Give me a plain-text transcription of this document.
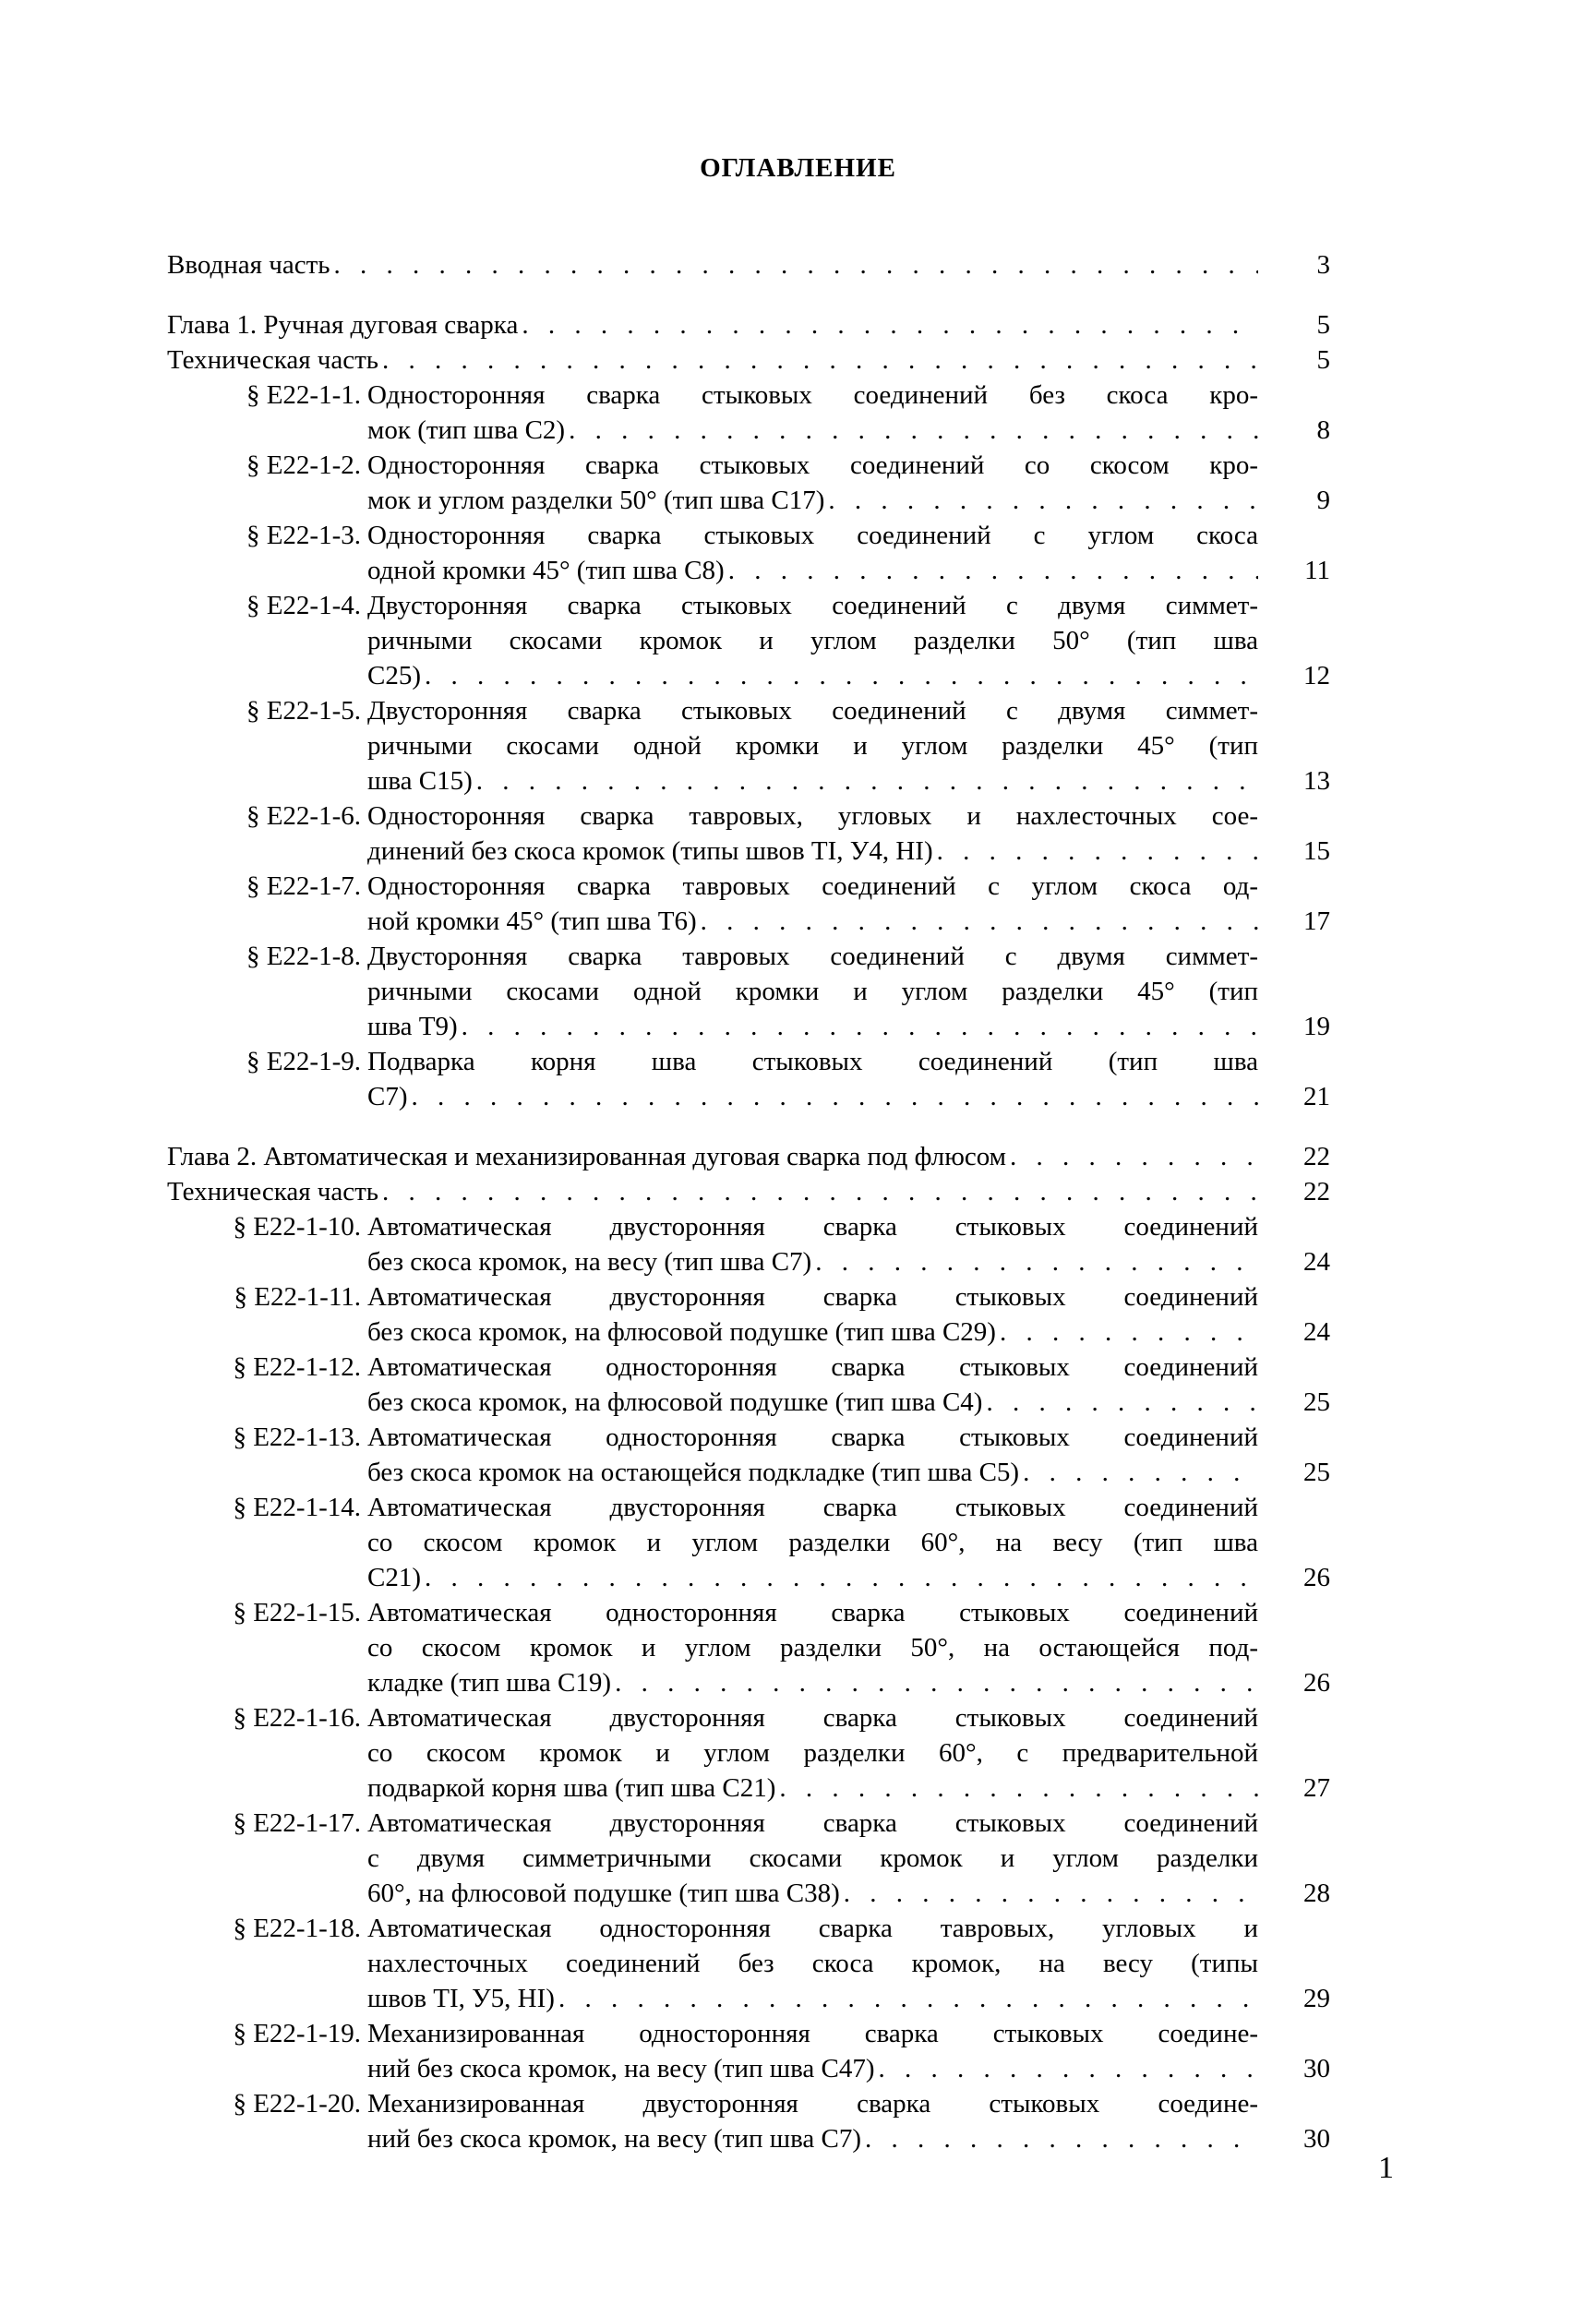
ОГЛАВЛЕНИЕ
Вводная часть . . .	3
Глава 1. Ручная дуговая сварка . . .	5
Техническая часть . . .	5
§ Е22-1-1. Односторонняя сварка стыковых соединений без скоса кро-
мок (тип шва С2) . . .	8
§ Е22-1-2. Односторонняя сварка стыковых соединений со скосом кро-
мок и углом разделки 50° (тип шва С17) . . .	9
§ Е22-1-3. Односторонняя сварка стыковых соединений с углом скоса
одной кромки 45° (тип шва С8) . . .	11
§ Е22-1-4. Двусторонняя сварка стыковых соединений с двумя симмет-
ричными скосами кромок и углом разделки 50° (тип шва
С25) . . .	12
§ Е22-1-5. Двусторонняя сварка стыковых соединений с двумя симмет-
ричными скосами одной кромки и углом разделки 45° (тип
шва С15) . . .	13
§ Е22-1-6. Односторонняя сварка тавровых, угловых и нахлесточных сое-
динений без скоса кромок (типы швов ТI, У4, НI) . . .	15
§ Е22-1-7. Односторонняя сварка тавровых соединений с углом скоса од-
ной кромки 45° (тип шва Т6) . . .	17
§ Е22-1-8. Двусторонняя сварка тавровых соединений с двумя симмет-
ричными скосами одной кромки и углом разделки 45° (тип
шва Т9) . . .	19
§ Е22-1-9. Подварка корня шва стыковых соединений (тип шва
С7) . . .	21
Глава 2. Автоматическая и механизированная дуговая сварка под флюсом . . .	22
Техническая часть . . .	22
§ Е22-1-10. Автоматическая двусторонняя сварка стыковых соединений
без скоса кромок, на весу (тип шва С7) . . .	24
§ Е22-1-11. Автоматическая двусторонняя сварка стыковых соединений
без скоса кромок, на флюсовой подушке (тип шва С29) . . .	24
§ Е22-1-12. Автоматическая односторонняя сварка стыковых соединений
без скоса кромок, на флюсовой подушке (тип шва С4) . . .	25
§ Е22-1-13. Автоматическая односторонняя сварка стыковых соединений
без скоса кромок на остающейся подкладке (тип шва С5) . . .	25
§ Е22-1-14. Автоматическая двусторонняя сварка стыковых соединений
со скосом кромок и углом разделки 60°, на весу (тип шва
С21) . . .	26
§ Е22-1-15. Автоматическая односторонняя сварка стыковых соединений
со скосом кромок и углом разделки 50°, на остающейся под-
кладке (тип шва С19) . . .	26
§ Е22-1-16. Автоматическая двусторонняя сварка стыковых соединений
со скосом кромок и углом разделки 60°, с предварительной
подваркой корня шва (тип шва С21) . . .	27
§ Е22-1-17. Автоматическая двусторонняя сварка стыковых соединений
с двумя симметричными скосами кромок и углом разделки
60°, на флюсовой подушке (тип шва С38) . . .	28
§ Е22-1-18. Автоматическая односторонняя сварка тавровых, угловых и
нахлесточных соединений без скоса кромок, на весу (типы
швов ТI, У5, НI) . . .	29
§ Е22-1-19. Механизированная односторонняя сварка стыковых соедине-
ний без скоса кромок, на весу (тип шва С47) . . .	30
§ Е22-1-20. Механизированная двусторонняя сварка стыковых соедине-
ний без скоса кромок, на весу (тип шва С7) . . .	30
1
